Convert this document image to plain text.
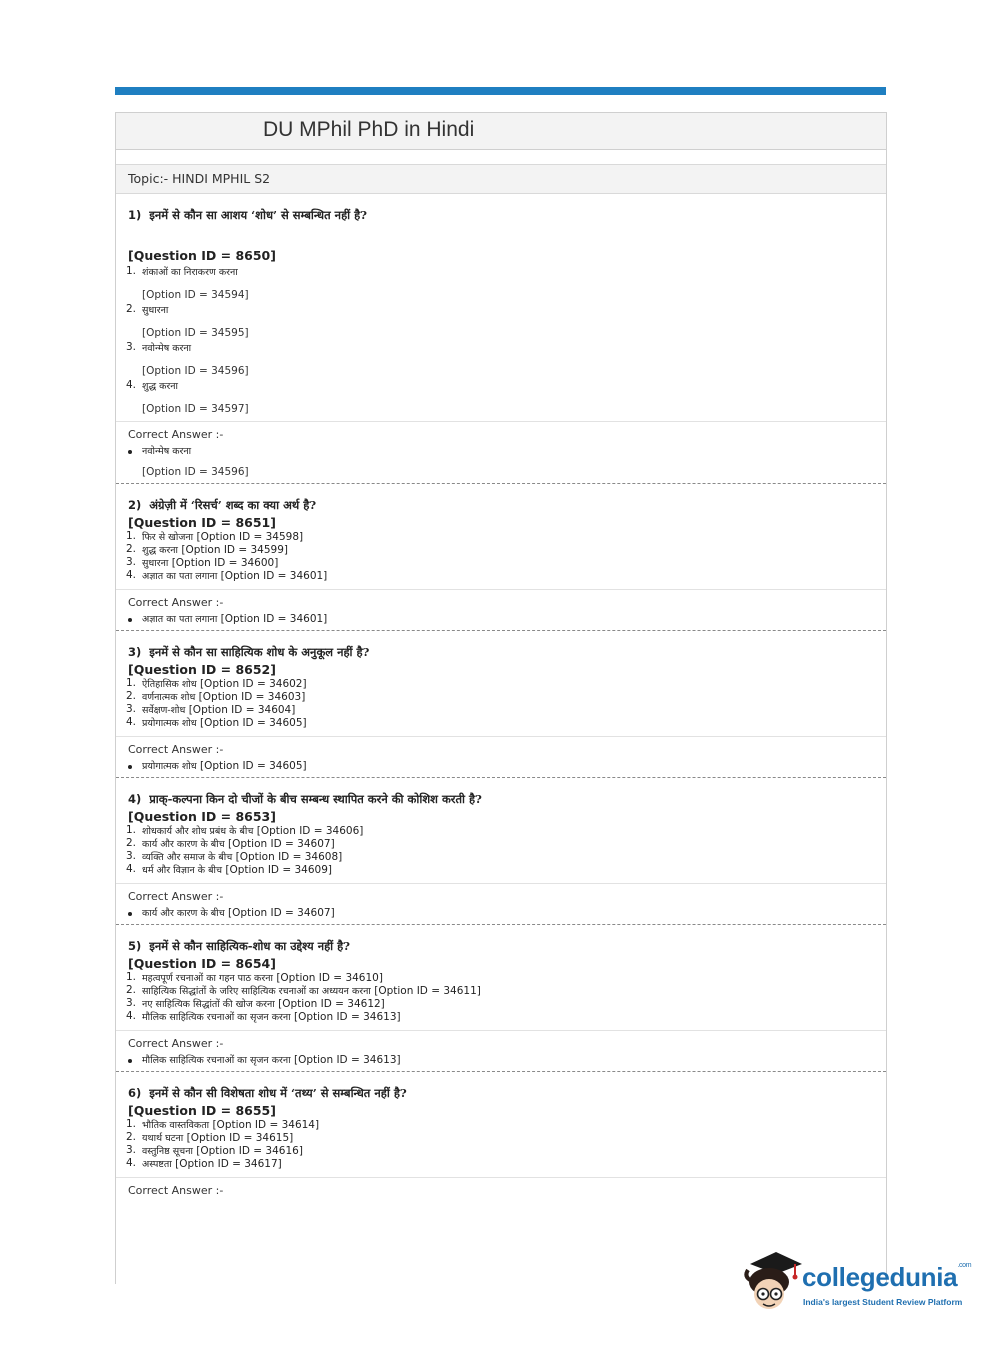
DU MPhil PhD in Hindi
Topic:- HINDI MPHIL S2
1) इनमें से कौन सा आशय ‘शोध’ से सम्बन्धित नहीं है?
[Question ID = 8650]
1. शंकाओं का निराकरण करना
[Option ID = 34594]
2. सुधारना
[Option ID = 34595]
3. नवोन्मेष करना
[Option ID = 34596]
4. शुद्ध करना
[Option ID = 34597]
Correct Answer :-
नवोन्मेष करना
[Option ID = 34596]
2) अंग्रेज़ी में ‘रिसर्च’ शब्द का क्या अर्थ है?
[Question ID = 8651]
1. फिर से खोजना [Option ID = 34598]
2. शुद्ध करना [Option ID = 34599]
3. सुधारना [Option ID = 34600]
4. अज्ञात का पता लगाना [Option ID = 34601]
Correct Answer :-
अज्ञात का पता लगाना [Option ID = 34601]
3) इनमें से कौन सा साहित्यिक शोध के अनुकूल नहीं है?
[Question ID = 8652]
1. ऐतिहासिक शोध [Option ID = 34602]
2. वर्णनात्मक शोध [Option ID = 34603]
3. सर्वेक्षण-शोध [Option ID = 34604]
4. प्रयोगात्मक शोध [Option ID = 34605]
Correct Answer :-
प्रयोगात्मक शोध [Option ID = 34605]
4) प्राक्-कल्पना किन दो चीजों के बीच सम्बन्ध स्थापित करने की कोशिश करती है?
[Question ID = 8653]
1. शोधकार्य और शोध प्रबंध के बीच [Option ID = 34606]
2. कार्य और कारण के बीच [Option ID = 34607]
3. व्यक्ति और समाज के बीच [Option ID = 34608]
4. धर्म और विज्ञान के बीच [Option ID = 34609]
Correct Answer :-
कार्य और कारण के बीच [Option ID = 34607]
5) इनमें से कौन साहित्यिक-शोध का उद्देश्य नहीं है?
[Question ID = 8654]
1. महत्वपूर्ण रचनाओं का गहन पाठ करना [Option ID = 34610]
2. साहित्यिक सिद्धांतों के जरिए साहित्यिक रचनाओं का अध्ययन करना [Option ID = 34611]
3. नए साहित्यिक सिद्धांतों की खोज करना [Option ID = 34612]
4. मौलिक साहित्यिक रचनाओं का सृजन करना [Option ID = 34613]
Correct Answer :-
मौलिक साहित्यिक रचनाओं का सृजन करना [Option ID = 34613]
6) इनमें से कौन सी विशेषता शोध में ‘तथ्य’ से सम्बन्धित नहीं है?
[Question ID = 8655]
1. भौतिक वास्तविकता [Option ID = 34614]
2. यथार्थ घटना [Option ID = 34615]
3. वस्तुनिष्ठ सूचना [Option ID = 34616]
4. अस्पष्टता [Option ID = 34617]
Correct Answer :-
collegedunia$^{.com}$
India's largest Student Review Platform
